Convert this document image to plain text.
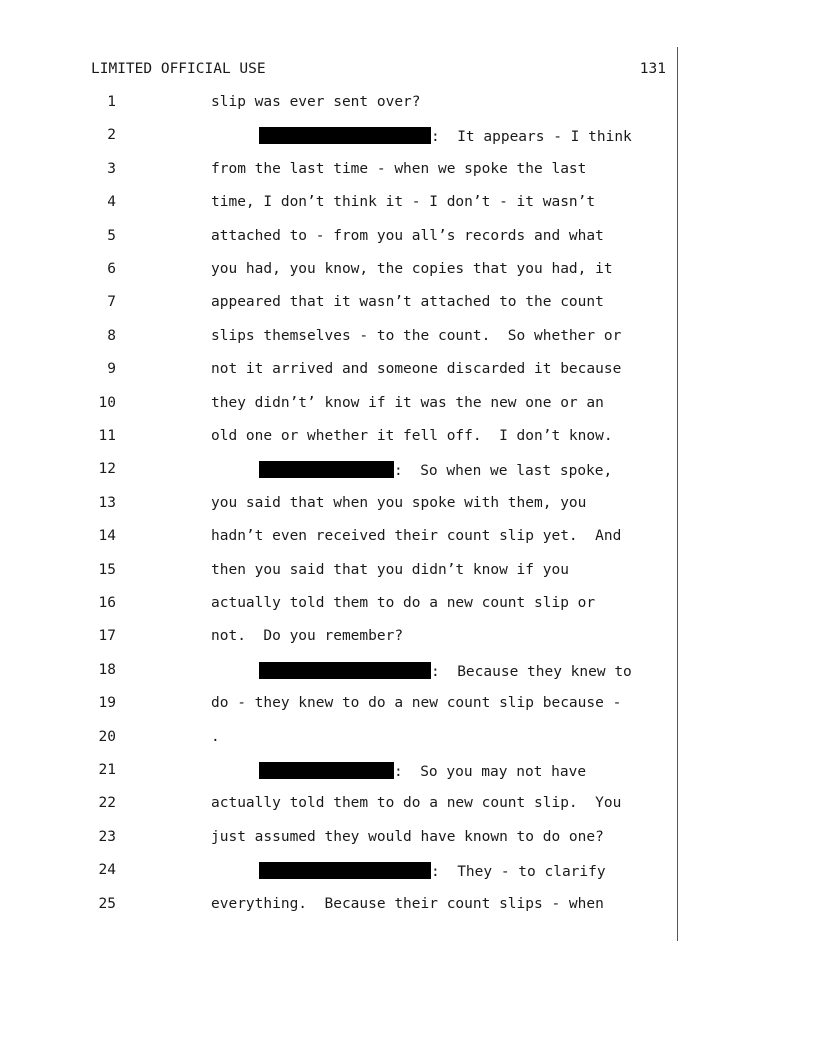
LIMITED OFFICIAL USE	131
1	slip was ever sent over?
2	:  It appears - I think
3	from the last time - when we spoke the last
4	time, I don’t think it - I don’t - it wasn’t
5	attached to - from you all’s records and what
6	you had, you know, the copies that you had, it
7	appeared that it wasn’t attached to the count
8	slips themselves - to the count.  So whether or
9	not it arrived and someone discarded it because
10	they didn’t’ know if it was the new one or an
11	old one or whether it fell off.  I don’t know.
12	:  So when we last spoke,
13	you said that when you spoke with them, you
14	hadn’t even received their count slip yet.  And
15	then you said that you didn’t know if you
16	actually told them to do a new count slip or
17	not.  Do you remember?
18	:  Because they knew to
19	do - they knew to do a new count slip because -
20	.
21	:  So you may not have
22	actually told them to do a new count slip.  You
23	just assumed they would have known to do one?
24	:  They - to clarify
25	everything.  Because their count slips - when
